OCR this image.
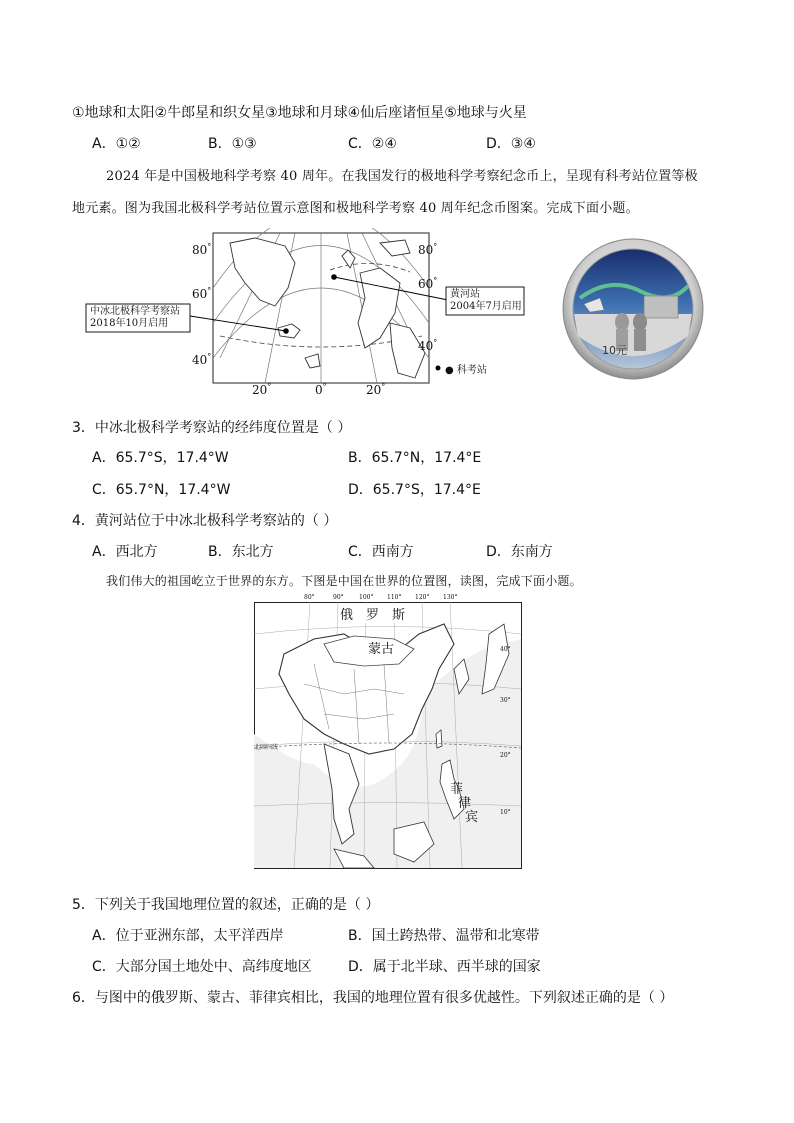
①地球和太阳②牛郎星和织女星③地球和月球④仙后座诸恒星⑤地球与火星
A．①②	B．①③	C．②④	D．③④
2024 年是中国极地科学考察 40 周年。在我国发行的极地科学考察纪念币上，呈现有科考站位置等极
地元素。图为我国北极科学考站位置示意图和极地科学考察 40 周年纪念币图案。完成下面小题。
80°
60°
40°
80°
60°
40°
20°	0°	20°
中冰北极科学考察站
2018年10月启用
黄河站
2004年7月启用
● 科考站
10元
3．中冰北极科学考察站的经纬度位置是（ ）
A．65.7°S，17.4°W	B．65.7°N，17.4°E
C．65.7°N，17.4°W	D．65.7°S，17.4°E
4．黄河站位于中冰北极科学考察站的（ ）
A．西北方	B．东北方	C．西南方	D．东南方
我们伟大的祖国屹立于世界的东方。下图是中国在世界的位置图，读图，完成下面小题。
80°	90°	100° 110° 120° 130°
40°
30°
20°
10°
俄　罗　斯
蒙古
北回归线
菲
律
宾
5．下列关于我国地理位置的叙述，正确的是（ ）
A．位于亚洲东部，太平洋西岸	B．国土跨热带、温带和北寒带
C．大部分国土地处中、高纬度地区	D．属于北半球、西半球的国家
6．与图中的俄罗斯、蒙古、菲律宾相比，我国的地理位置有很多优越性。下列叙述正确的是（ ）
